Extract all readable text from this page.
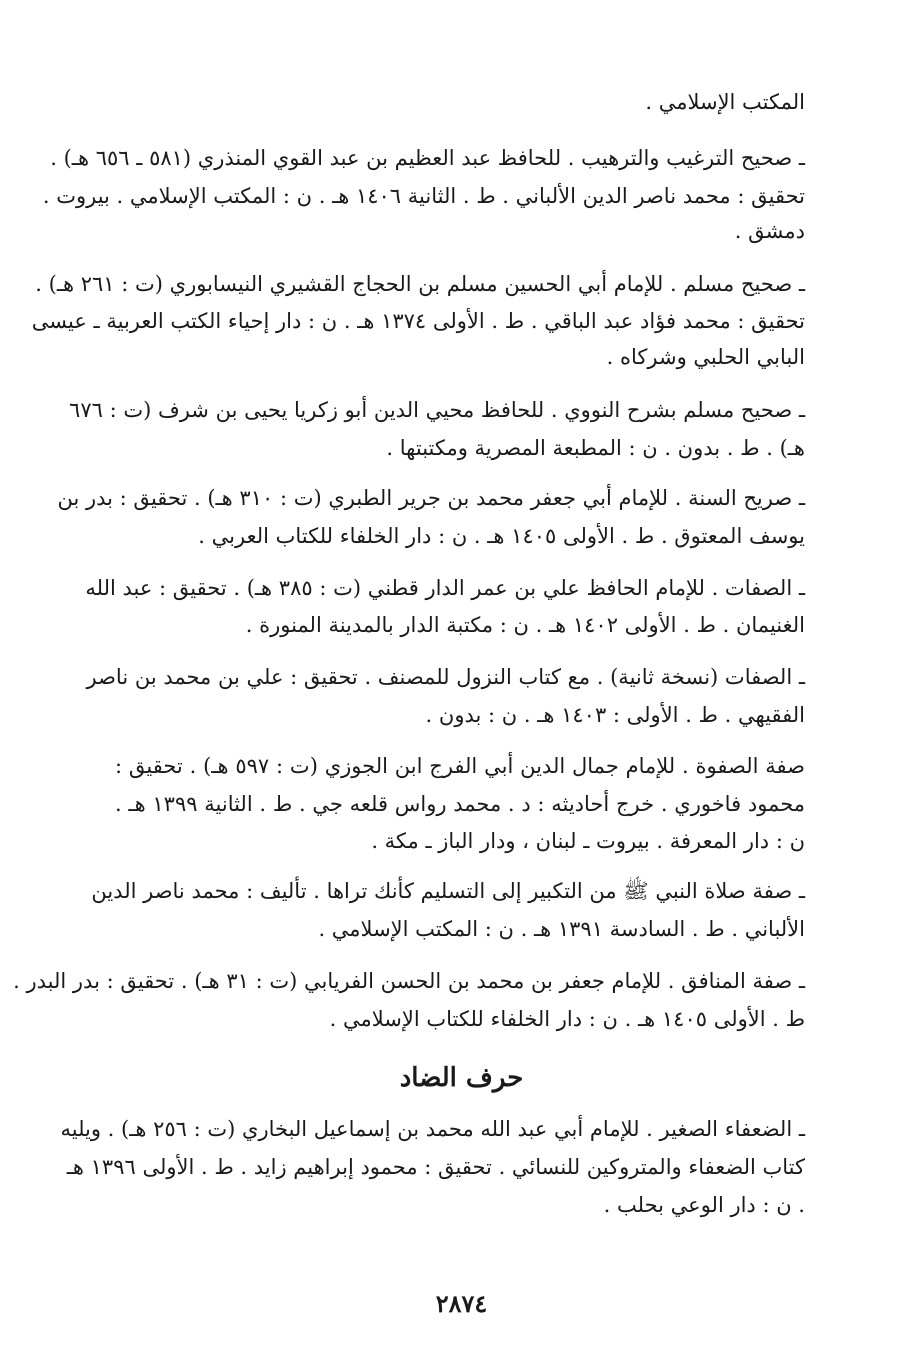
المكتب الإسلامي .
ـ صحيح الترغيب والترهيب . للحافظ عبد العظيم بن عبد القوي المنذري (٥٨١ ـ ٦٥٦ هـ) .
تحقيق : محمد ناصر الدين الألباني . ط . الثانية ١٤٠٦ هـ . ن : المكتب الإسلامي . بيروت .
دمشق .
ـ صحيح مسلم . للإمام أبي الحسين مسلم بن الحجاج القشيري النيسابوري (ت : ٢٦١ هـ) .
تحقيق : محمد فؤاد عبد الباقي . ط . الأولى ١٣٧٤ هـ . ن : دار إحياء الكتب العربية ـ عيسى
البابي الحلبي وشركاه .
ـ صحيح مسلم بشرح النووي . للحافظ محيي الدين أبو زكريا يحيى بن شرف (ت : ٦٧٦
هـ) . ط . بدون . ن : المطبعة المصرية ومكتبتها .
ـ صريح السنة . للإمام أبي جعفر محمد بن جرير الطبري (ت : ٣١٠ هـ) . تحقيق : بدر بن
يوسف المعتوق . ط . الأولى ١٤٠٥ هـ . ن : دار الخلفاء للكتاب العربي .
ـ الصفات . للإمام الحافظ علي بن عمر الدار قطني (ت : ٣٨٥ هـ) . تحقيق : عبد الله
الغنيمان . ط . الأولى ١٤٠٢ هـ . ن : مكتبة الدار بالمدينة المنورة .
ـ الصفات (نسخة ثانية) . مع كتاب النزول للمصنف . تحقيق : علي بن محمد بن ناصر
الفقيهي . ط . الأولى : ١٤٠٣ هـ . ن : بدون .
صفة الصفوة . للإمام جمال الدين أبي الفرج ابن الجوزي (ت : ٥٩٧ هـ) . تحقيق :
محمود فاخوري . خرج أحاديثه : د . محمد رواس قلعه جي . ط . الثانية ١٣٩٩ هـ .
ن : دار المعرفة . بيروت ـ لبنان ، ودار الباز ـ مكة .
ـ صفة صلاة النبي ﷺ من التكبير إلى التسليم كأنك تراها . تأليف : محمد ناصر الدين
الألباني . ط . السادسة ١٣٩١ هـ . ن : المكتب الإسلامي .
ـ صفة المنافق . للإمام جعفر بن محمد بن الحسن الفريابي (ت : ٣١ هـ) . تحقيق : بدر البدر .
ط . الأولى ١٤٠٥ هـ . ن : دار الخلفاء للكتاب الإسلامي .
حرف الضاد
ـ الضعفاء الصغير . للإمام أبي عبد الله محمد بن إسماعيل البخاري (ت : ٢٥٦ هـ) . ويليه
كتاب الضعفاء والمتروكين للنسائي . تحقيق : محمود إبراهيم زايد . ط . الأولى ١٣٩٦ هـ
. ن : دار الوعي بحلب .
٢٨٧٤
